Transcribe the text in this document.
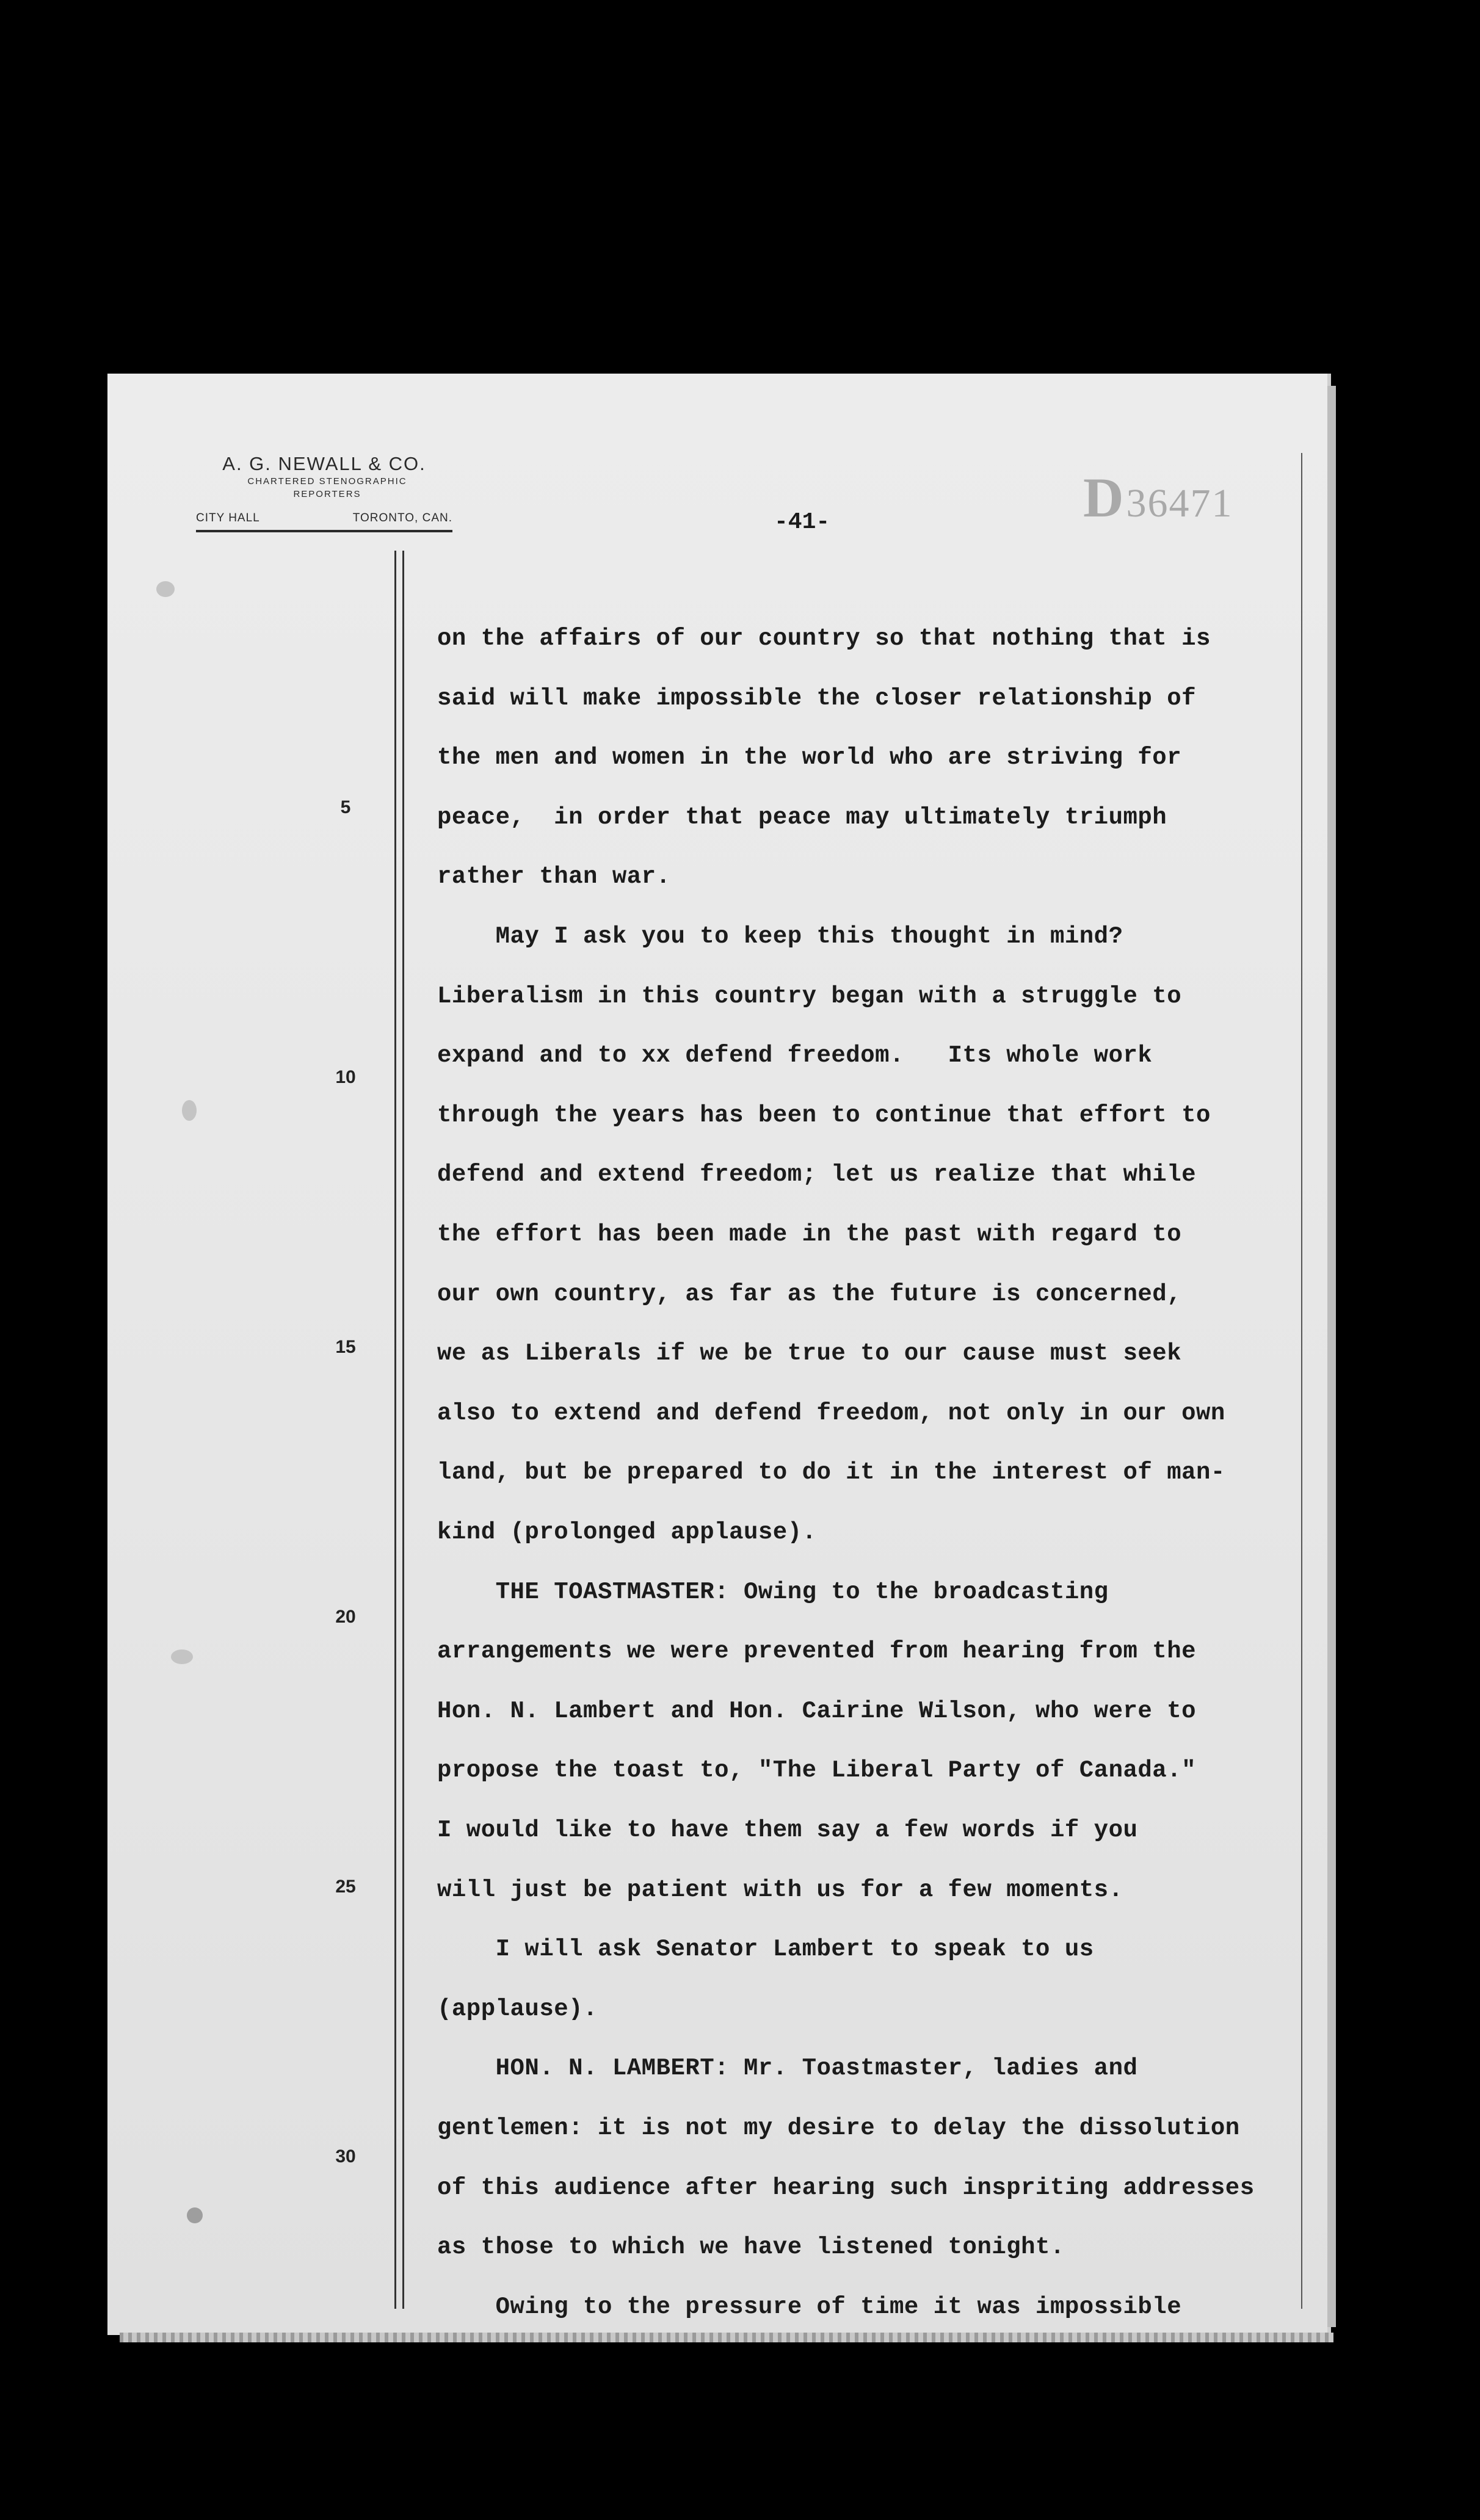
A. G. NEWALL & CO.
CHARTERED STENOGRAPHIC
REPORTERS
CITY HALL	TORONTO, CAN.	-41-	D 36471
5
10
15
20
25
30
on the affairs of our country so that nothing that is
said will make impossible the closer relationship of
the men and women in the world who are striving for
peace,  in order that peace may ultimately triumph
rather than war.
May I ask you to keep this thought in mind?
Liberalism in this country began with a struggle to
expand and to xx defend freedom.   Its whole work
through the years has been to continue that effort to
defend and extend freedom; let us realize that while
the effort has been made in the past with regard to
our own country, as far as the future is concerned,
we as Liberals if we be true to our cause must seek
also to extend and defend freedom, not only in our own
land, but be prepared to do it in the interest of man-
kind (prolonged applause).
THE TOASTMASTER: Owing to the broadcasting
arrangements we were prevented from hearing from the
Hon. N. Lambert and Hon. Cairine Wilson, who were to
propose the toast to, "The Liberal Party of Canada."
I would like to have them say a few words if you
will just be patient with us for a few moments.
I will ask Senator Lambert to speak to us
(applause).
HON. N. LAMBERT: Mr. Toastmaster, ladies and
gentlemen: it is not my desire to delay the dissolution
of this audience after hearing such inspriting addresses
as those to which we have listened tonight.
Owing to the pressure of time it was impossible
